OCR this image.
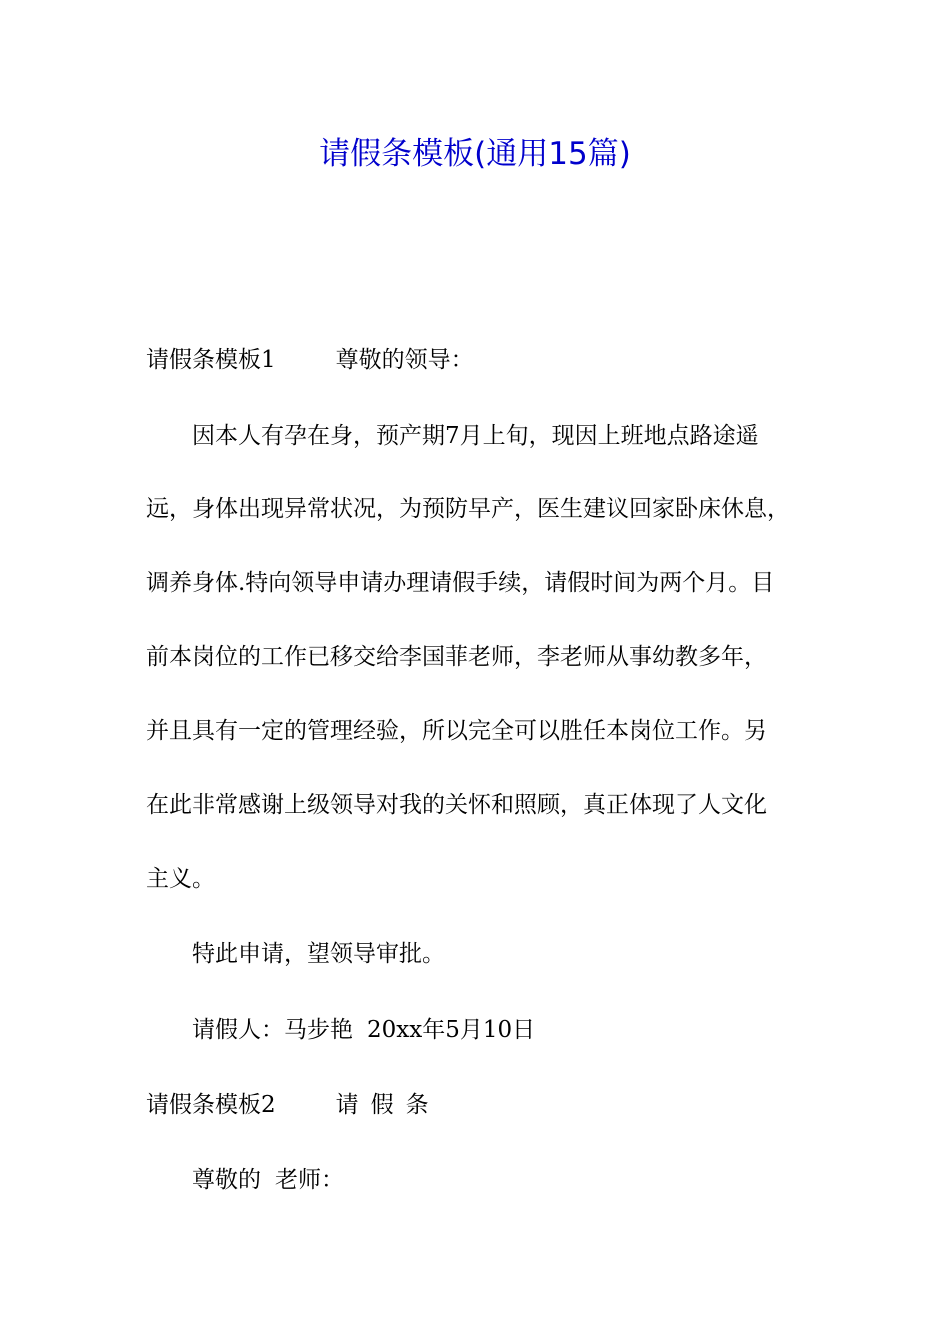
请假条模板(通用15篇)
请假条模板1	尊敬的领导：
因本人有孕在身，预产期7月上旬，现因上班地点路途遥
远，身体出现异常状况，为预防早产，医生建议回家卧床休息，
调养身体.特向领导申请办理请假手续，请假时间为两个月。目
前本岗位的工作已移交给李国菲老师，李老师从事幼教多年，
并且具有一定的管理经验，所以完全可以胜任本岗位工作。另
在此非常感谢上级领导对我的关怀和照顾，真正体现了人文化
主义。
特此申请，望领导审批。
请假人：马步艳 20xx年5月10日
请假条模板2	请假条
尊敬的 老师：
